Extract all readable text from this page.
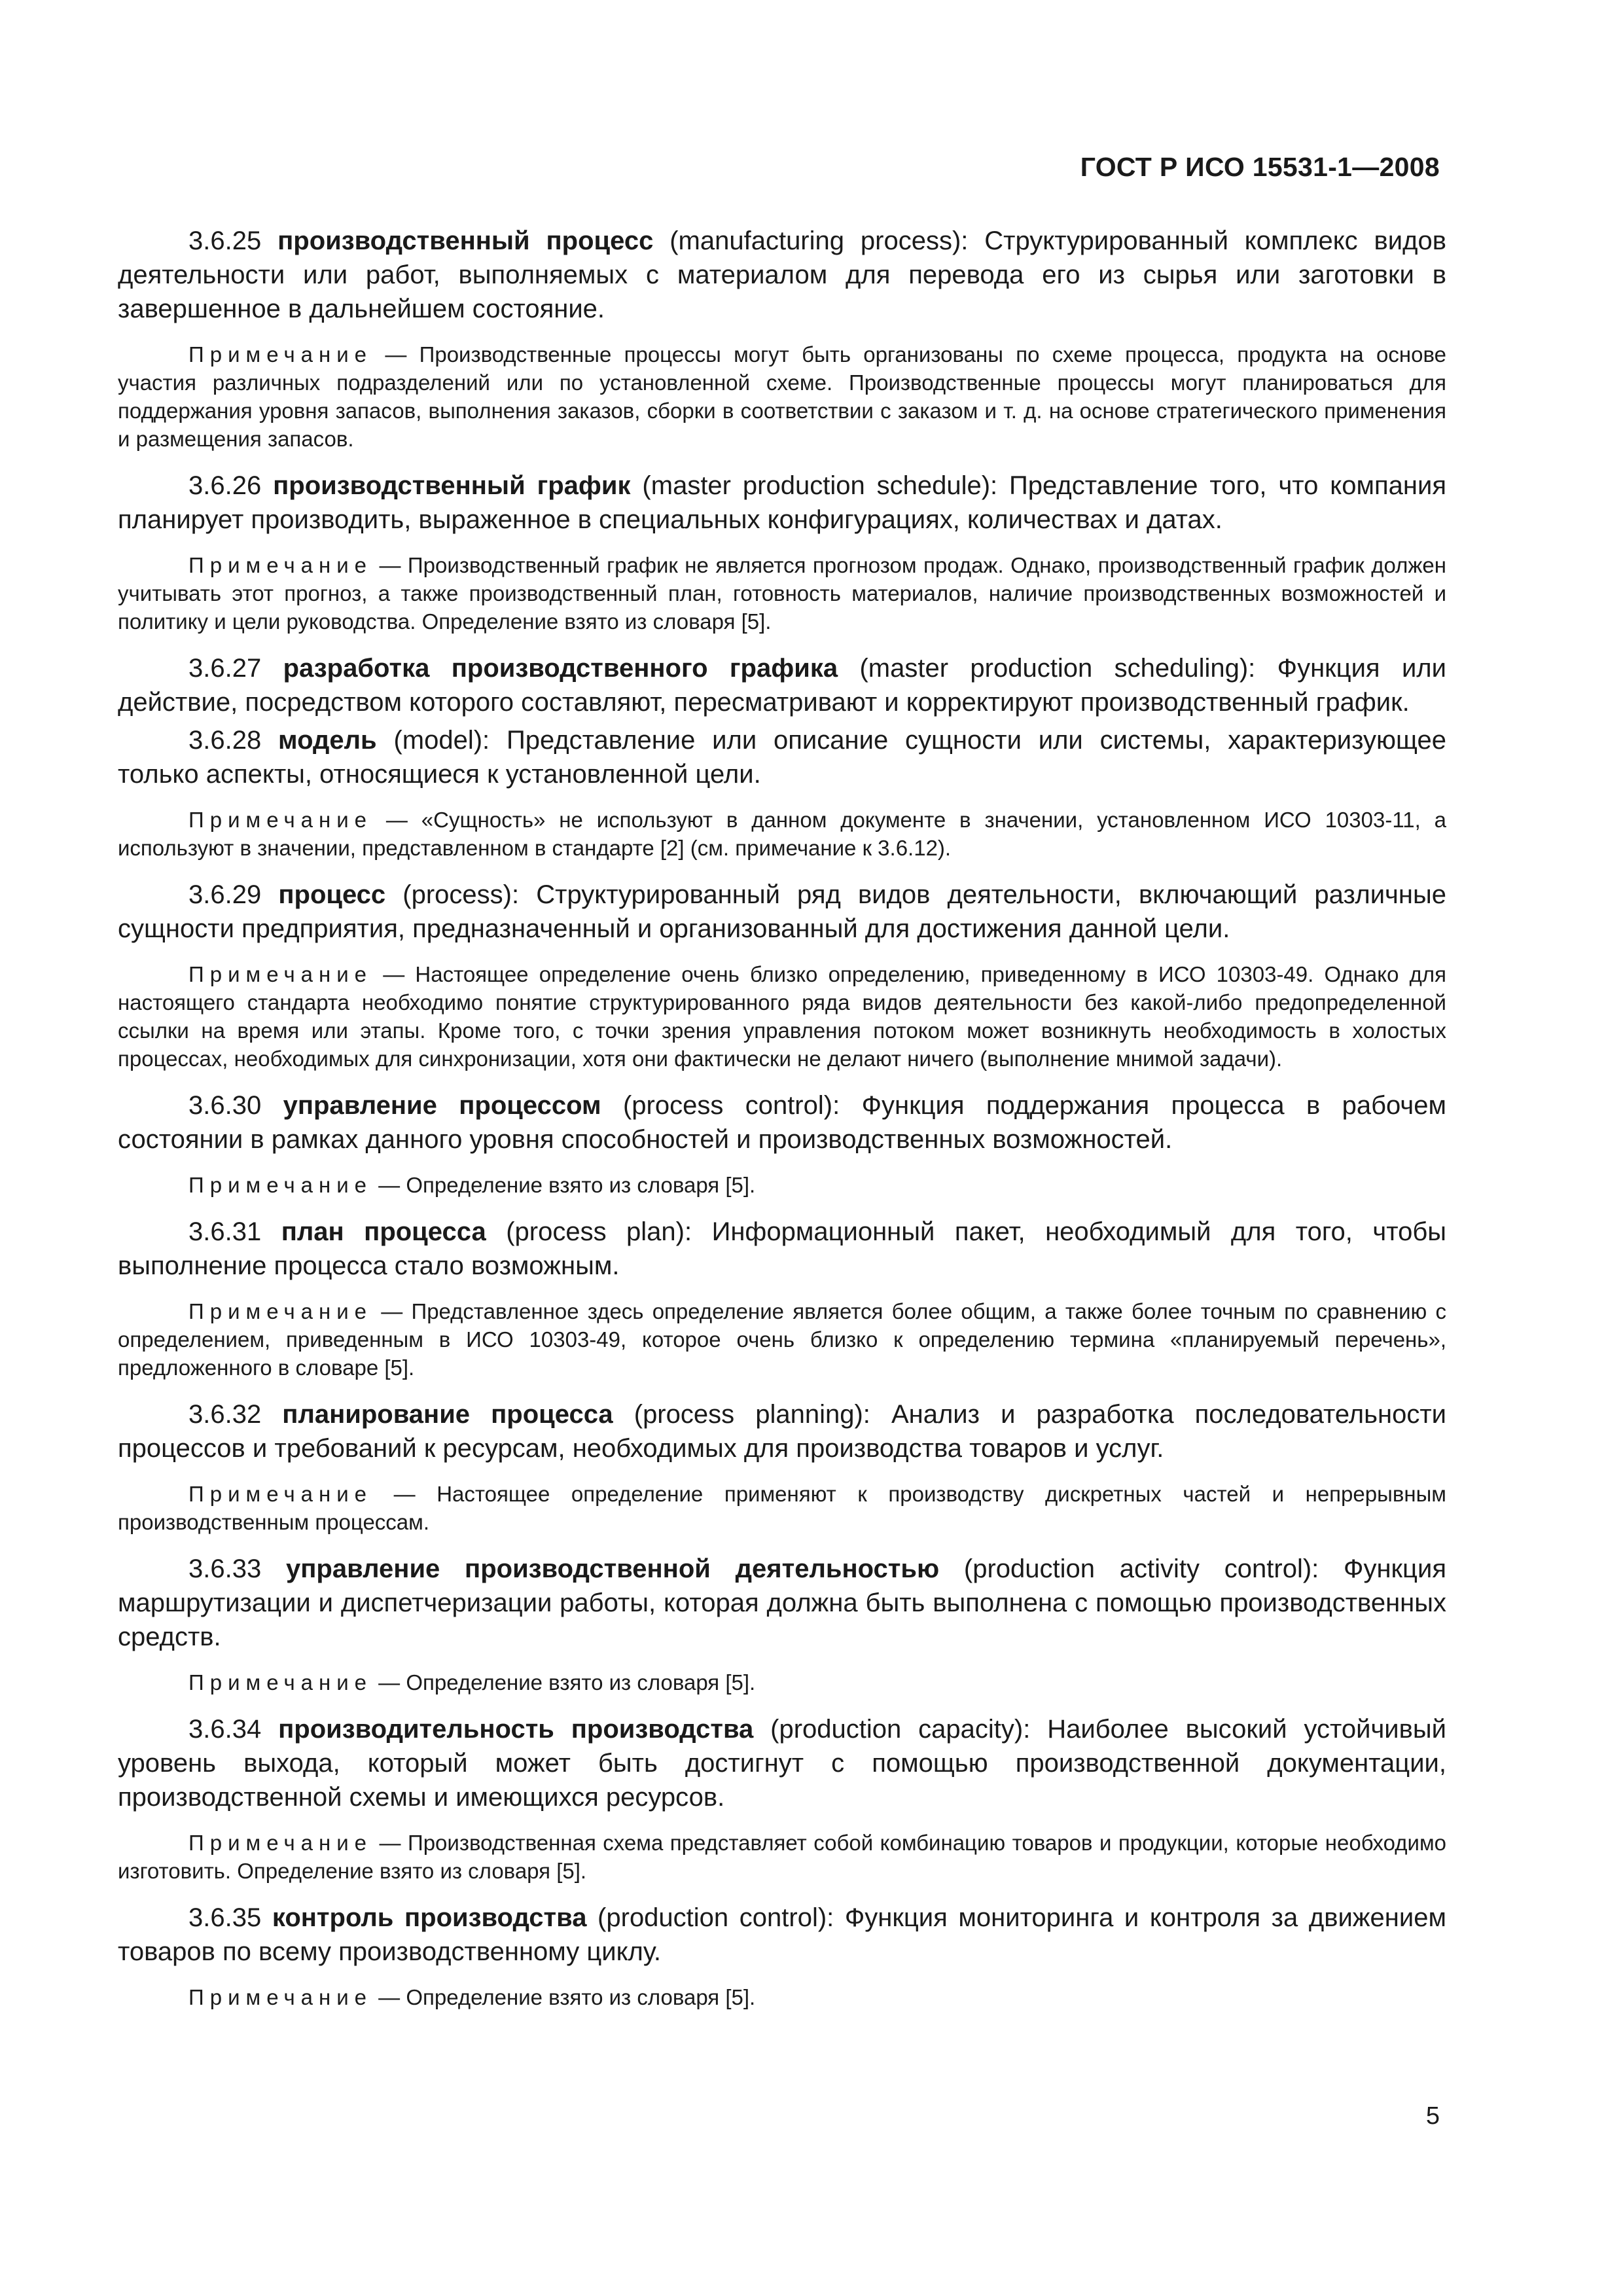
ГОСТ Р ИСО 15531-1—2008

3.6.25 производственный процесс (manufacturing process): Структурированный комплекс видов деятельности или работ, выполняемых с материалом для перевода его из сырья или заготовки в завершенное в дальнейшем состояние.

Примечание — Производственные процессы могут быть организованы по схеме процесса, продукта на основе участия различных подразделений или по установленной схеме. Производственные процессы могут планироваться для поддержания уровня запасов, выполнения заказов, сборки в соответствии с заказом и т. д. на основе стратегического применения и размещения запасов.

3.6.26 производственный график (master production schedule): Представление того, что компания планирует производить, выраженное в специальных конфигурациях, количествах и датах.

Примечание — Производственный график не является прогнозом продаж. Однако, производственный график должен учитывать этот прогноз, а также производственный план, готовность материалов, наличие производственных возможностей и политику и цели руководства. Определение взято из словаря [5].

3.6.27 разработка производственного графика (master production scheduling): Функция или действие, посредством которого составляют, пересматривают и корректируют производственный график.

3.6.28 модель (model): Представление или описание сущности или системы, характеризующее только аспекты, относящиеся к установленной цели.

Примечание — «Сущность» не используют в данном документе в значении, установленном ИСО 10303-11, а используют в значении, представленном в стандарте [2] (см. примечание к 3.6.12).

3.6.29 процесс (process): Структурированный ряд видов деятельности, включающий различные сущности предприятия, предназначенный и организованный для достижения данной цели.

Примечание — Настоящее определение очень близко определению, приведенному в ИСО 10303-49. Однако для настоящего стандарта необходимо понятие структурированного ряда видов деятельности без какой-либо предопределенной ссылки на время или этапы. Кроме того, с точки зрения управления потоком может возникнуть необходимость в холостых процессах, необходимых для синхронизации, хотя они фактически не делают ничего (выполнение мнимой задачи).

3.6.30 управление процессом (process control): Функция поддержания процесса в рабочем состоянии в рамках данного уровня способностей и производственных возможностей.

Примечание — Определение взято из словаря [5].

3.6.31 план процесса (process plan): Информационный пакет, необходимый для того, чтобы выполнение процесса стало возможным.

Примечание — Представленное здесь определение является более общим, а также более точным по сравнению с определением, приведенным в ИСО 10303-49, которое очень близко к определению термина «планируемый перечень», предложенного в словаре [5].

3.6.32 планирование процесса (process planning): Анализ и разработка последовательности процессов и требований к ресурсам, необходимых для производства товаров и услуг.

Примечание — Настоящее определение применяют к производству дискретных частей и непрерывным производственным процессам.

3.6.33 управление производственной деятельностью (production activity control): Функция маршрутизации и диспетчеризации работы, которая должна быть выполнена с помощью производственных средств.

Примечание — Определение взято из словаря [5].

3.6.34 производительность производства (production capacity): Наиболее высокий устойчивый уровень выхода, который может быть достигнут с помощью производственной документации, производственной схемы и имеющихся ресурсов.

Примечание — Производственная схема представляет собой комбинацию товаров и продукции, которые необходимо изготовить. Определение взято из словаря [5].

3.6.35 контроль производства (production control): Функция мониторинга и контроля за движением товаров по всему производственному циклу.

Примечание — Определение взято из словаря [5].

5
